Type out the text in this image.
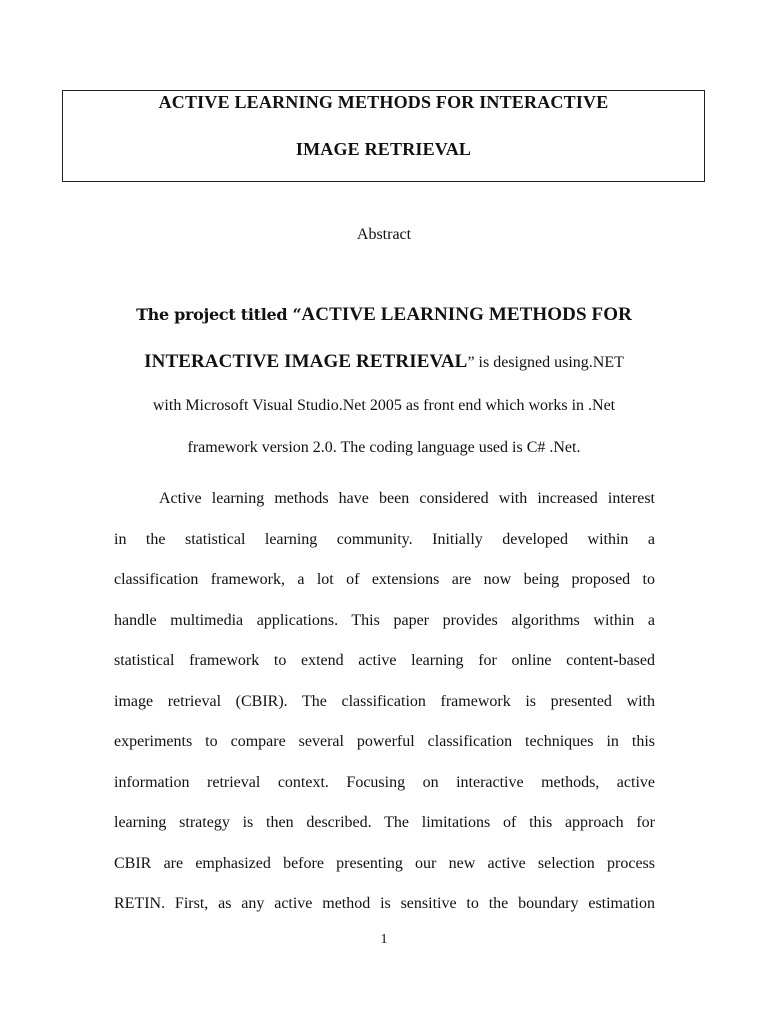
ACTIVE LEARNING METHODS FOR INTERACTIVE
IMAGE RETRIEVAL
Abstract
The project titled “ACTIVE LEARNING METHODS FOR
INTERACTIVE IMAGE RETRIEVAL” is designed using.NET
with Microsoft Visual Studio.Net 2005 as front end which works in .Net
framework version 2.0. The coding language used is C# .Net.
Active learning methods have been considered with increased interest
in the statistical learning community. Initially developed within a
classification framework, a lot of extensions are now being proposed to
handle multimedia applications. This paper provides algorithms within a
statistical framework to extend active learning for online content-based
image retrieval (CBIR). The classification framework is presented with
experiments to compare several powerful classification techniques in this
information retrieval context. Focusing on interactive methods, active
learning strategy is then described. The limitations of this approach for
CBIR are emphasized before presenting our new active selection process
RETIN. First, as any active method is sensitive to the boundary estimation
1
